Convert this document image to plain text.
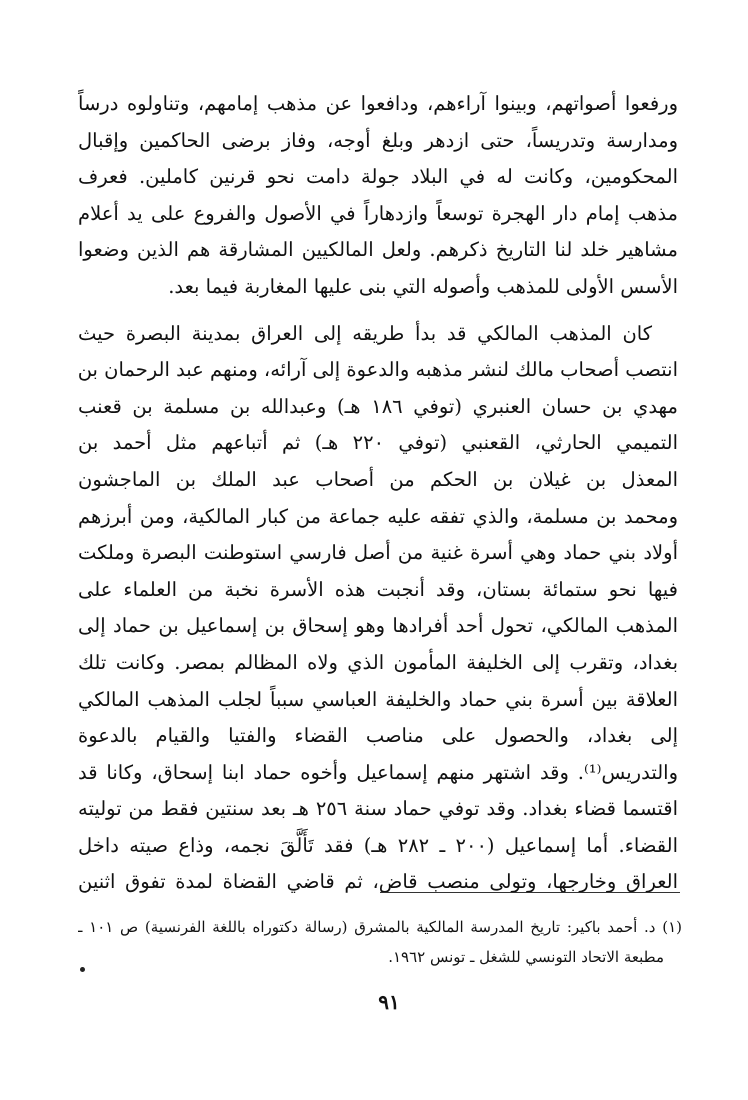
ورفعوا أصواتهم، وبينوا آراءهم، ودافعوا عن مذهب إمامهم، وتناولوه درساً
ومدارسة وتدريساً، حتى ازدهر وبلغ أوجه، وفاز برضى الحاكمين وإقبال
المحكومين، وكانت له في البلاد جولة دامت نحو قرنين كاملين. فعرف
مذهب إمام دار الهجرة توسعاً وازدهاراً في الأصول والفروع على يد أعلام
مشاهير خلد لنا التاريخ ذكرهم. ولعل المالكيين المشارقة هم الذين وضعوا
الأسس الأولى للمذهب وأصوله التي بنى عليها المغاربة فيما بعد.
كان المذهب المالكي قد بدأ طريقه إلى العراق بمدينة البصرة حيث
انتصب أصحاب مالك لنشر مذهبه والدعوة إلى آرائه، ومنهم عبد الرحمان بن
مهدي بن حسان العنبري (توفي ١٨٦ هـ) وعبدالله بن مسلمة بن قعنب
التميمي الحارثي، القعنبي (توفي ٢٢٠ هـ) ثم أتباعهم مثل أحمد بن
المعذل بن غيلان بن الحكم من أصحاب عبد الملك بن الماجشون
ومحمد بن مسلمة، والذي تفقه عليه جماعة من كبار المالكية، ومن أبرزهم
أولاد بني حماد وهي أسرة غنية من أصل فارسي استوطنت البصرة وملكت
فيها نحو ستمائة بستان، وقد أنجبت هذه الأسرة نخبة من العلماء على
المذهب المالكي، تحول أحد أفرادها وهو إسحاق بن إسماعيل بن حماد إلى
بغداد، وتقرب إلى الخليفة المأمون الذي ولاه المظالم بمصر. وكانت تلك
العلاقة بين أسرة بني حماد والخليفة العباسي سبباً لجلب المذهب المالكي
إلى بغداد، والحصول على مناصب القضاء والفتيا والقيام بالدعوة
والتدريس⁽¹⁾. وقد اشتهر منهم إسماعيل وأخوه حماد ابنا إسحاق، وكانا قد
اقتسما قضاء بغداد. وقد توفي حماد سنة ٢٥٦ هـ بعد سنتين فقط من توليته
القضاء. أما إسماعيل (٢٠٠ ـ ٢٨٢ هـ) فقد تَأَلَّقَ نجمه، وذاع صيته داخل
العراق وخارجها، وتولى منصب قاض، ثم قاضي القضاة لمدة تفوق اثنين
(١) د. أحمد باكير: تاريخ المدرسة المالكية بالمشرق (رسالة دكتوراه باللغة الفرنسية) ص ١٠١ ـ
مطبعة الاتحاد التونسي للشغل ـ تونس ١٩٦٢.
٩١
